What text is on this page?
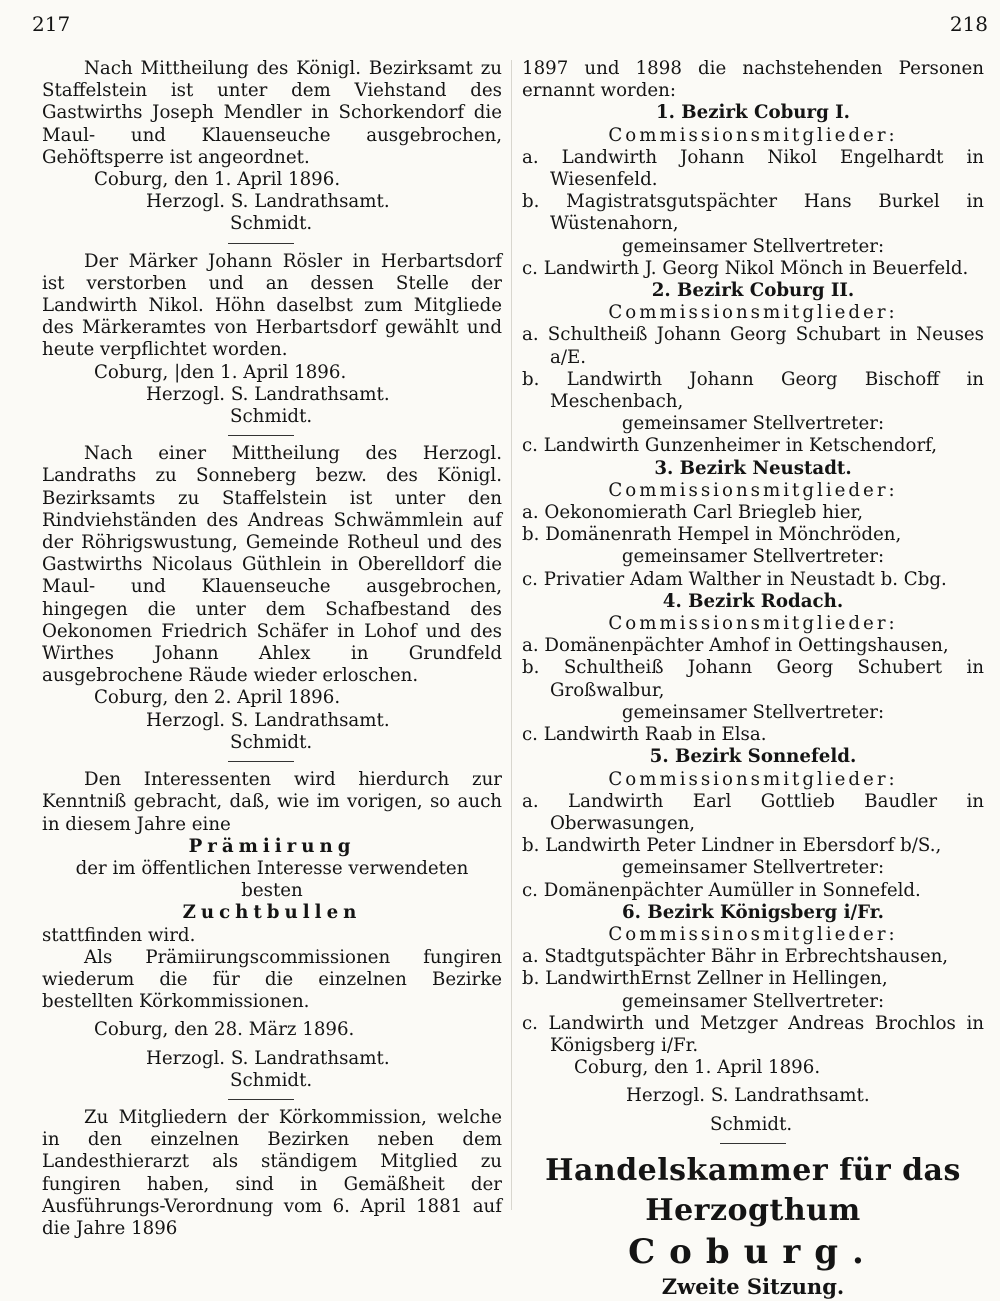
217	218

Nach Mittheilung des Königl. Bezirksamt zu Staffelstein ist unter dem Viehstand des Gastwirths Joseph Mendler in Schorkendorf die Maul- und Klauenseuche ausgebrochen, Gehöftsperre ist angeordnet.

Coburg, den 1. April 1896.

Herzogl. S. Landrathsamt.

Schmidt.

Der Märker Johann Rösler in Herbartsdorf ist verstorben und an dessen Stelle der Landwirth Nikol. Höhn daselbst zum Mitgliede des Märkeramtes von Herbartsdorf gewählt und heute verpflichtet worden.

Coburg, |den 1. April 1896.

Herzogl. S. Landrathsamt.

Schmidt.

Nach einer Mittheilung des Herzogl. Landraths zu Sonneberg bezw. des Königl. Bezirksamts zu Staffelstein ist unter den Rindviehständen des Andreas Schwämmlein auf der Röhrigswustung, Gemeinde Rotheul und des Gastwirths Nicolaus Güthlein in Oberelldorf die Maul- und Klauenseuche ausgebrochen, hingegen die unter dem Schafbestand des Oekonomen Friedrich Schäfer in Lohof und des Wirthes Johann Ahlex in Grundfeld ausgebrochene Räude wieder erloschen.

Coburg, den 2. April 1896.

Herzogl. S. Landrathsamt.

Schmidt.

Den Interessenten wird hierdurch zur Kenntniß gebracht, daß, wie im vorigen, so auch in diesem Jahre eine

Prämiirung

der im öffentlichen Interesse verwendeten besten

Zuchtbullen

stattfinden wird.

Als Prämiirungscommissionen fungiren wiederum die für die einzelnen Bezirke bestellten Körkommissionen.

Coburg, den 28. März 1896.

Herzogl. S. Landrathsamt.

Schmidt.

Zu Mitgliedern der Körkommission, welche in den einzelnen Bezirken neben dem Landesthierarzt als ständigem Mitglied zu fungiren haben, sind in Gemäßheit der Ausführungs-Verordnung vom 6. April 1881 auf die Jahre 1896

1897 und 1898 die nachstehenden Personen ernannt worden:

1. Bezirk Coburg I.

Commissionsmitglieder:

a. Landwirth Johann Nikol Engelhardt in Wiesenfeld.

b. Magistratsgutspächter Hans Burkel in Wüstenahorn,

gemeinsamer Stellvertreter:

c. Landwirth J. Georg Nikol Mönch in Beuerfeld.

2. Bezirk Coburg II.

Commissionsmitglieder:

a. Schultheiß Johann Georg Schubart in Neuses a/E.

b. Landwirth Johann Georg Bischoff in Meschenbach,

gemeinsamer Stellvertreter:

c. Landwirth Gunzenheimer in Ketschendorf,

3. Bezirk Neustadt.

Commissionsmitglieder:

a. Oekonomierath Carl Briegleb hier,

b. Domänenrath Hempel in Mönchröden,

gemeinsamer Stellvertreter:

c. Privatier Adam Walther in Neustadt b. Cbg.

4. Bezirk Rodach.

Commissionsmitglieder:

a. Domänenpächter Amhof in Oettingshausen,

b. Schultheiß Johann Georg Schubert in Großwalbur,

gemeinsamer Stellvertreter:

c. Landwirth Raab in Elsa.

5. Bezirk Sonnefeld.

Commissionsmitglieder:

a. Landwirth Earl Gottlieb Baudler in Oberwasungen,

b. Landwirth Peter Lindner in Ebersdorf b/S.,

gemeinsamer Stellvertreter:

c. Domänenpächter Aumüller in Sonnefeld.

6. Bezirk Königsberg i/Fr.

Commissinosmitglieder:

a. Stadtgutspächter Bähr in Erbrechtshausen,

b. LandwirthErnst Zellner in Hellingen,

gemeinsamer Stellvertreter:

c. Landwirth und Metzger Andreas Brochlos in Königsberg i/Fr.

Coburg, den 1. April 1896.

Herzogl. S. Landrathsamt.

Schmidt.

Handelskammer für das Herzogthum
Coburg.
Zweite Sitzung.
